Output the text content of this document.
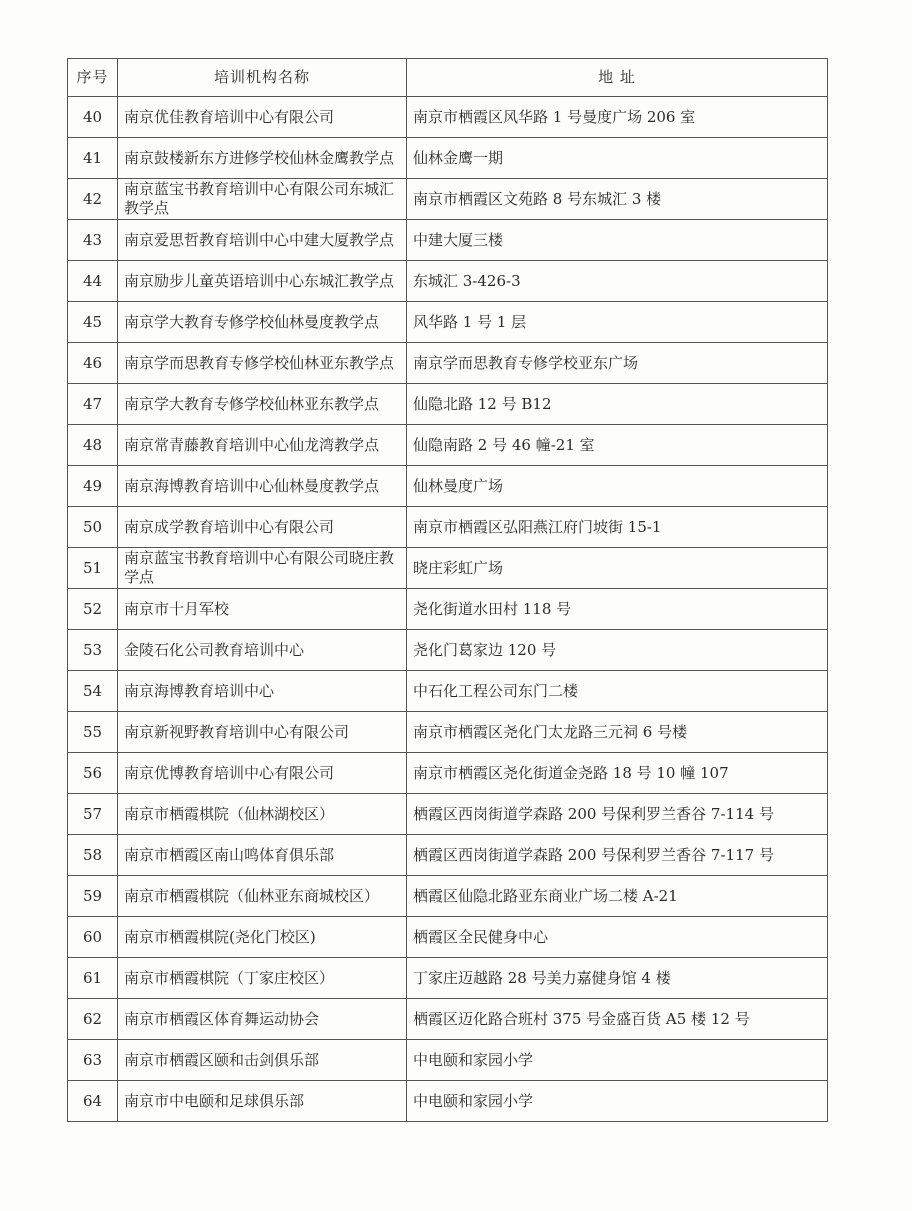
序号	培训机构名称	地 址
40	南京优佳教育培训中心有限公司	南京市栖霞区风华路 1 号曼度广场 206 室
41	南京鼓楼新东方进修学校仙林金鹰教学点	仙林金鹰一期
42	南京蓝宝书教育培训中心有限公司东城汇教学点	南京市栖霞区文苑路 8 号东城汇 3 楼
43	南京爱思哲教育培训中心中建大厦教学点	中建大厦三楼
44	南京励步儿童英语培训中心东城汇教学点	东城汇 3-426-3
45	南京学大教育专修学校仙林曼度教学点	风华路 1 号 1 层
46	南京学而思教育专修学校仙林亚东教学点	南京学而思教育专修学校亚东广场
47	南京学大教育专修学校仙林亚东教学点	仙隐北路 12 号 B12
48	南京常青藤教育培训中心仙龙湾教学点	仙隐南路 2 号 46 幢-21 室
49	南京海博教育培训中心仙林曼度教学点	仙林曼度广场
50	南京成学教育培训中心有限公司	南京市栖霞区弘阳燕江府门坡街 15-1
51	南京蓝宝书教育培训中心有限公司晓庄教学点	晓庄彩虹广场
52	南京市十月军校	尧化街道水田村 118 号
53	金陵石化公司教育培训中心	尧化门葛家边 120 号
54	南京海博教育培训中心	中石化工程公司东门二楼
55	南京新视野教育培训中心有限公司	南京市栖霞区尧化门太龙路三元祠 6 号楼
56	南京优博教育培训中心有限公司	南京市栖霞区尧化街道金尧路 18 号 10 幢 107
57	南京市栖霞棋院（仙林湖校区）	栖霞区西岗街道学森路 200 号保利罗兰香谷 7-114 号
58	南京市栖霞区南山鸣体育俱乐部	栖霞区西岗街道学森路 200 号保利罗兰香谷 7-117 号
59	南京市栖霞棋院（仙林亚东商城校区）	栖霞区仙隐北路亚东商业广场二楼 A-21
60	南京市栖霞棋院(尧化门校区)	栖霞区全民健身中心
61	南京市栖霞棋院（丁家庄校区）	丁家庄迈越路 28 号美力嘉健身馆 4 楼
62	南京市栖霞区体育舞运动协会	栖霞区迈化路合班村 375 号金盛百货 A5 楼 12 号
63	南京市栖霞区颐和击剑俱乐部	中电颐和家园小学
64	南京市中电颐和足球俱乐部	中电颐和家园小学
